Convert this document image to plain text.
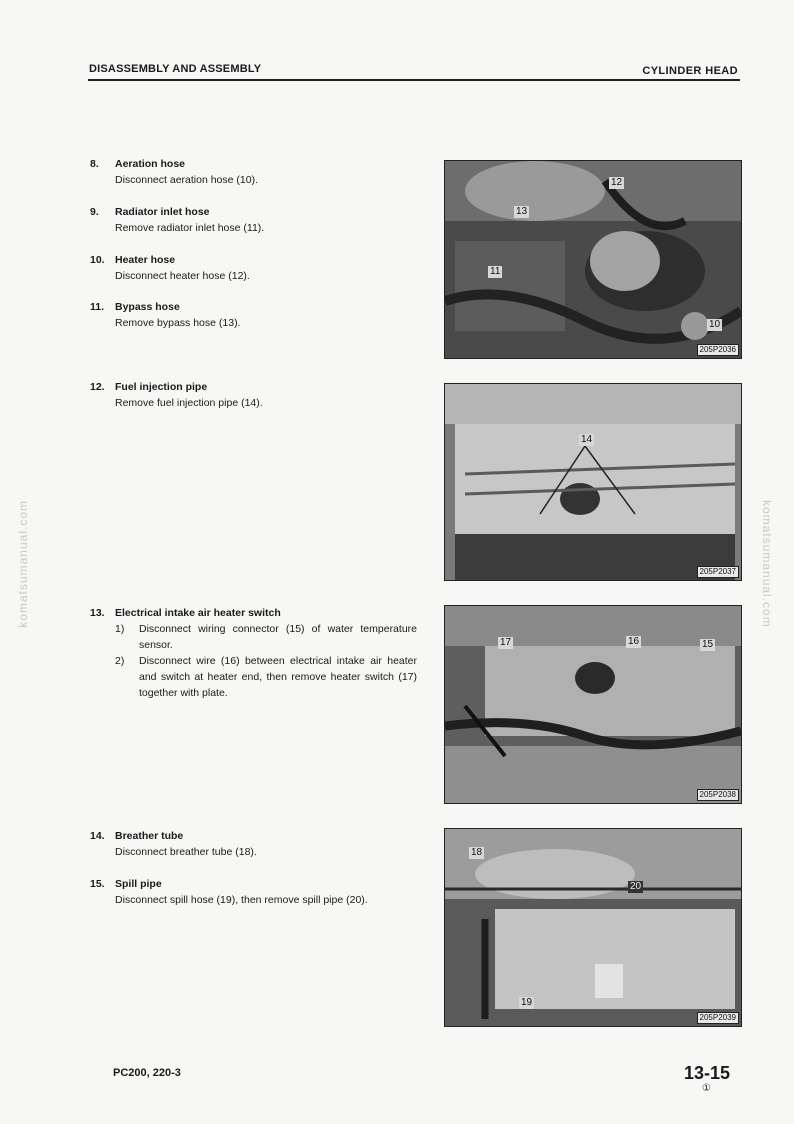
DISASSEMBLY AND ASSEMBLY	CYLINDER HEAD
komatsumanual.com	komatsumanual.com
8.	Aeration hose
Disconnect aeration hose (10).
9.	Radiator inlet hose
Remove radiator inlet hose (11).
10. Heater hose
Disconnect heater hose (12).
11.	Bypass hose
Remove bypass hose (13).
12. Fuel injection pipe
Remove fuel injection pipe (14).
13. Electrical intake air heater switch
1)	Disconnect wiring connector (15) of water temperature sensor.
2)	Disconnect wire (16) between electrical intake air heater and switch at heater end, then remove heater switch (17) together with plate.
14. Breather tube
Disconnect breather tube (18).
15. Spill pipe
Disconnect spill hose (19), then remove spill pipe (20).
12
13
11
10
205P2036
14
205P2037
17	16	15
205P2038
18
20
19
205P2039
PC200, 220-3	13-15
①
